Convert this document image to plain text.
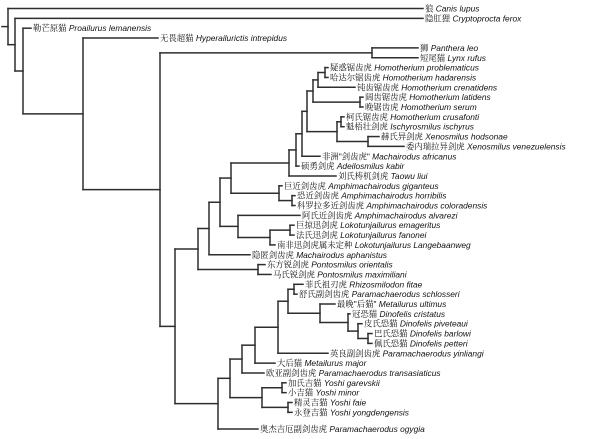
狼 Canis lupus
隐肛狸 Cryptoprocta ferox
勒芒原猫 Proailurus lemanensis
无畏超猫 Hyperailurictis intrepidus
狮 Panthera leo
短尾猫 Lynx rufus
疑惑锯齿虎 Homotherium problematicus
哈达尔锯齿虎 Homotherium hadarensis
钝齿锯齿虎 Homotherium crenatidens
阔齿锯齿虎 Homotherium latidens
晚锯齿虎 Homotherium serum
柯氏锯齿虎 Homotherium crusafonti
魁梧壮剑虎 Ischyrosmilus ischyrus
赫氏异剑虎 Xenosmilus hodsonae
委内瑞拉异剑虎 Xenosmilus venezuelensis
非洲"剑齿虎" Machairodus africanus
硕勇剑虎 Adeilosmilus kabir
刘氏梼杌剑虎 Taowu liui
巨近剑齿虎 Amphimachairodus giganteus
恐近剑齿虎 Amphimachairodus horribilis
科罗拉多近剑齿虎 Amphimachairodus coloradensis
阿氏近剑齿虎 Amphimachairodus alvarezi
巨掠迅剑虎 Lokotunjailurus emageritus
法氏迅剑虎 Lokotunjailurus fanonei
南非迅剑虎属未定种 Lokotunjailurus Langebaanweg
隐匿剑齿虎 Machairodus aphanistus
东方锐剑虎 Pontosmilus orientalis
马氏锐剑虎 Pontosmilus maximiliani
菲氏祖刃虎 Rhizosmilodon fitae
舒氏副剑齿虎 Paramachaerodus schlosseri
最晚"后猫" Metailurus ultimus
冠恐猫 Dinofelis cristatus
皮氏恐猫 Dinofelis piveteaui
巴氏恐猫 Dinofelis barlowi
佩氏恐猫 Dinofelis petteri
英良副剑齿虎 Paramachaerodus yinliangi
大后猫 Metailurus major
欧亚副剑齿虎 Paramachaerodus transasiaticus
加氏吉猫 Yoshi garevskii
小吉猫 Yoshi minor
精灵吉猫 Yoshi faie
永登吉猫 Yoshi yongdengensis
奥杰吉厄副剑齿虎 Paramachaerodus ogygia
